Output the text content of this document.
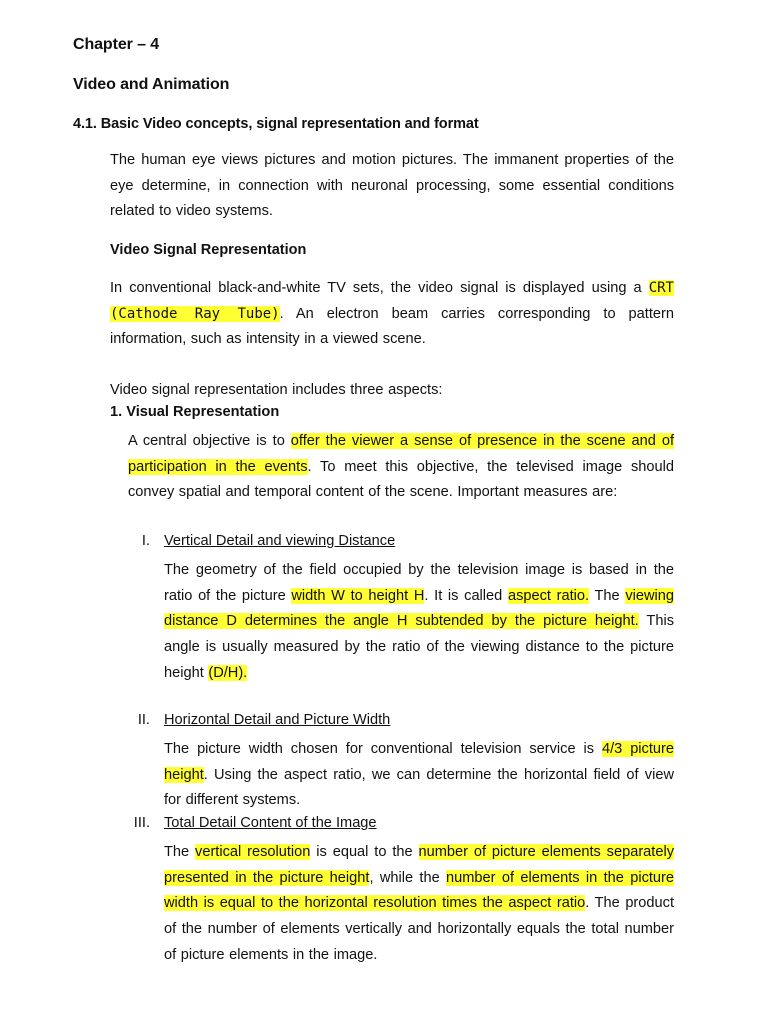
Chapter – 4
Video and Animation
4.1. Basic Video concepts, signal representation and format
The human eye views pictures and motion pictures. The immanent properties of the eye determine, in connection with neuronal processing, some essential conditions related to video systems.
Video Signal Representation
In conventional black-and-white TV sets, the video signal is displayed using a CRT (Cathode Ray Tube). An electron beam carries corresponding to pattern information, such as intensity in a viewed scene.
Video signal representation includes three aspects:
1. Visual Representation
A central objective is to offer the viewer a sense of presence in the scene and of participation in the events. To meet this objective, the televised image should convey spatial and temporal content of the scene. Important measures are:
I. Vertical Detail and viewing Distance
The geometry of the field occupied by the television image is based in the ratio of the picture width W to height H. It is called aspect ratio. The viewing distance D determines the angle H subtended by the picture height. This angle is usually measured by the ratio of the viewing distance to the picture height (D/H).
II. Horizontal Detail and Picture Width
The picture width chosen for conventional television service is 4/3 picture height. Using the aspect ratio, we can determine the horizontal field of view for different systems.
III. Total Detail Content of the Image
The vertical resolution is equal to the number of picture elements separately presented in the picture height, while the number of elements in the picture width is equal to the horizontal resolution times the aspect ratio. The product of the number of elements vertically and horizontally equals the total number of picture elements in the image.
